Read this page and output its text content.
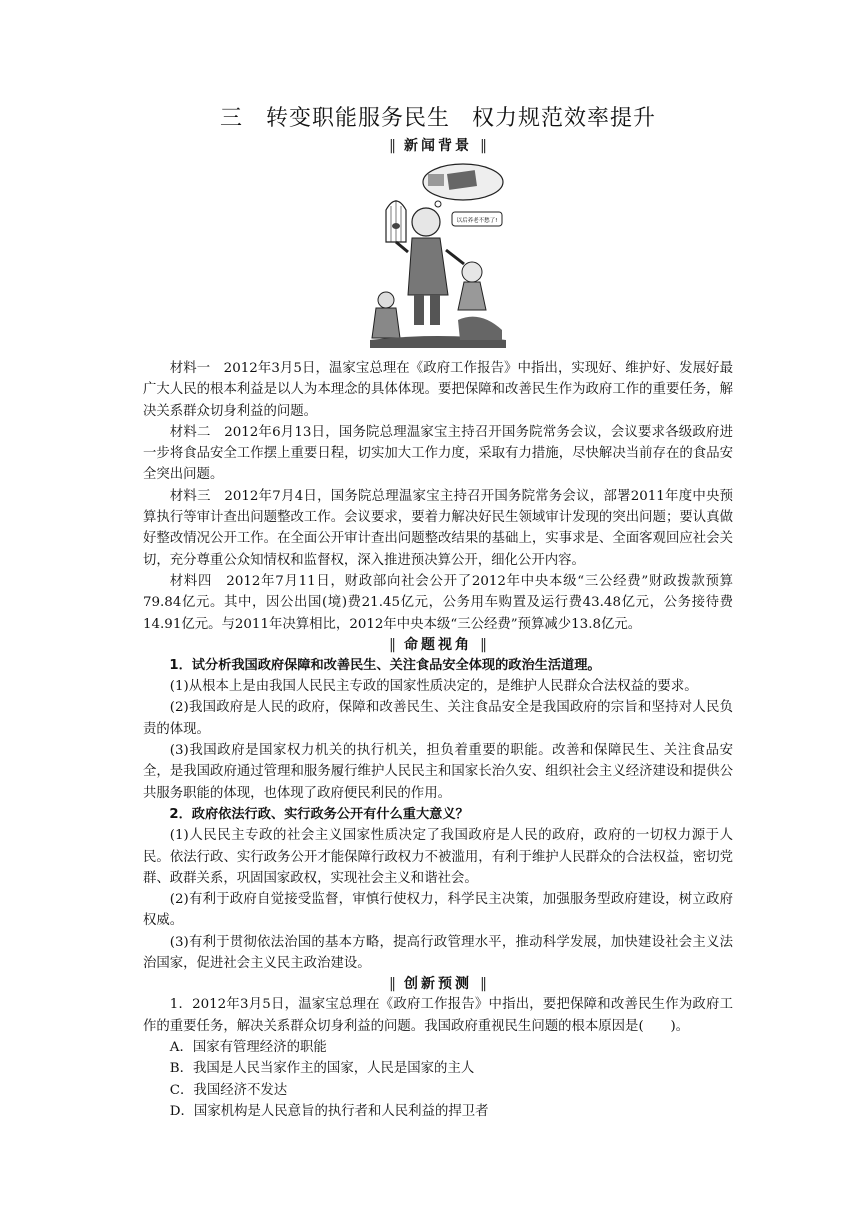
三　转变职能服务民生 权力规范效率提升
‖ 新闻背景 ‖
以后养老不愁了!

材料一　2012年3月5日，温家宝总理在《政府工作报告》中指出，实现好、维护好、发展好最广大人民的根本利益是以人为本理念的具体体现。要把保障和改善民生作为政府工作的重要任务，解决关系群众切身利益的问题。

材料二　2012年6月13日，国务院总理温家宝主持召开国务院常务会议，会议要求各级政府进一步将食品安全工作摆上重要日程，切实加大工作力度，采取有力措施，尽快解决当前存在的食品安全突出问题。

材料三　2012年7月4日，国务院总理温家宝主持召开国务院常务会议，部署2011年度中央预算执行等审计查出问题整改工作。会议要求，要着力解决好民生领域审计发现的突出问题；要认真做好整改情况公开工作。在全面公开审计查出问题整改结果的基础上，实事求是、全面客观回应社会关切，充分尊重公众知情权和监督权，深入推进预决算公开，细化公开内容。

材料四　2012年7月11日，财政部向社会公开了2012年中央本级“三公经费”财政拨款预算79.84亿元。其中，因公出国(境)费21.45亿元，公务用车购置及运行费43.48亿元，公务接待费14.91亿元。与2011年决算相比，2012年中央本级“三公经费”预算减少13.8亿元。

‖ 命题视角 ‖

1．试分析我国政府保障和改善民生、关注食品安全体现的政治生活道理。

(1)从根本上是由我国人民民主专政的国家性质决定的，是维护人民群众合法权益的要求。

(2)我国政府是人民的政府，保障和改善民生、关注食品安全是我国政府的宗旨和坚持对人民负责的体现。

(3)我国政府是国家权力机关的执行机关，担负着重要的职能。改善和保障民生、关注食品安全，是我国政府通过管理和服务履行维护人民民主和国家长治久安、组织社会主义经济建设和提供公共服务职能的体现，也体现了政府便民利民的作用。

2．政府依法行政、实行政务公开有什么重大意义？

(1)人民民主专政的社会主义国家性质决定了我国政府是人民的政府，政府的一切权力源于人民。依法行政、实行政务公开才能保障行政权力不被滥用，有利于维护人民群众的合法权益，密切党群、政群关系，巩固国家政权，实现社会主义和谐社会。

(2)有利于政府自觉接受监督，审慎行使权力，科学民主决策，加强服务型政府建设，树立政府权威。

(3)有利于贯彻依法治国的基本方略，提高行政管理水平，推动科学发展，加快建设社会主义法治国家，促进社会主义民主政治建设。

‖ 创新预测 ‖

1．2012年3月5日，温家宝总理在《政府工作报告》中指出，要把保障和改善民生作为政府工作的重要任务，解决关系群众切身利益的问题。我国政府重视民生问题的根本原因是(　　)。

A．国家有管理经济的职能
B．我国是人民当家作主的国家，人民是国家的主人
C．我国经济不发达
D．国家机构是人民意旨的执行者和人民利益的捍卫者
